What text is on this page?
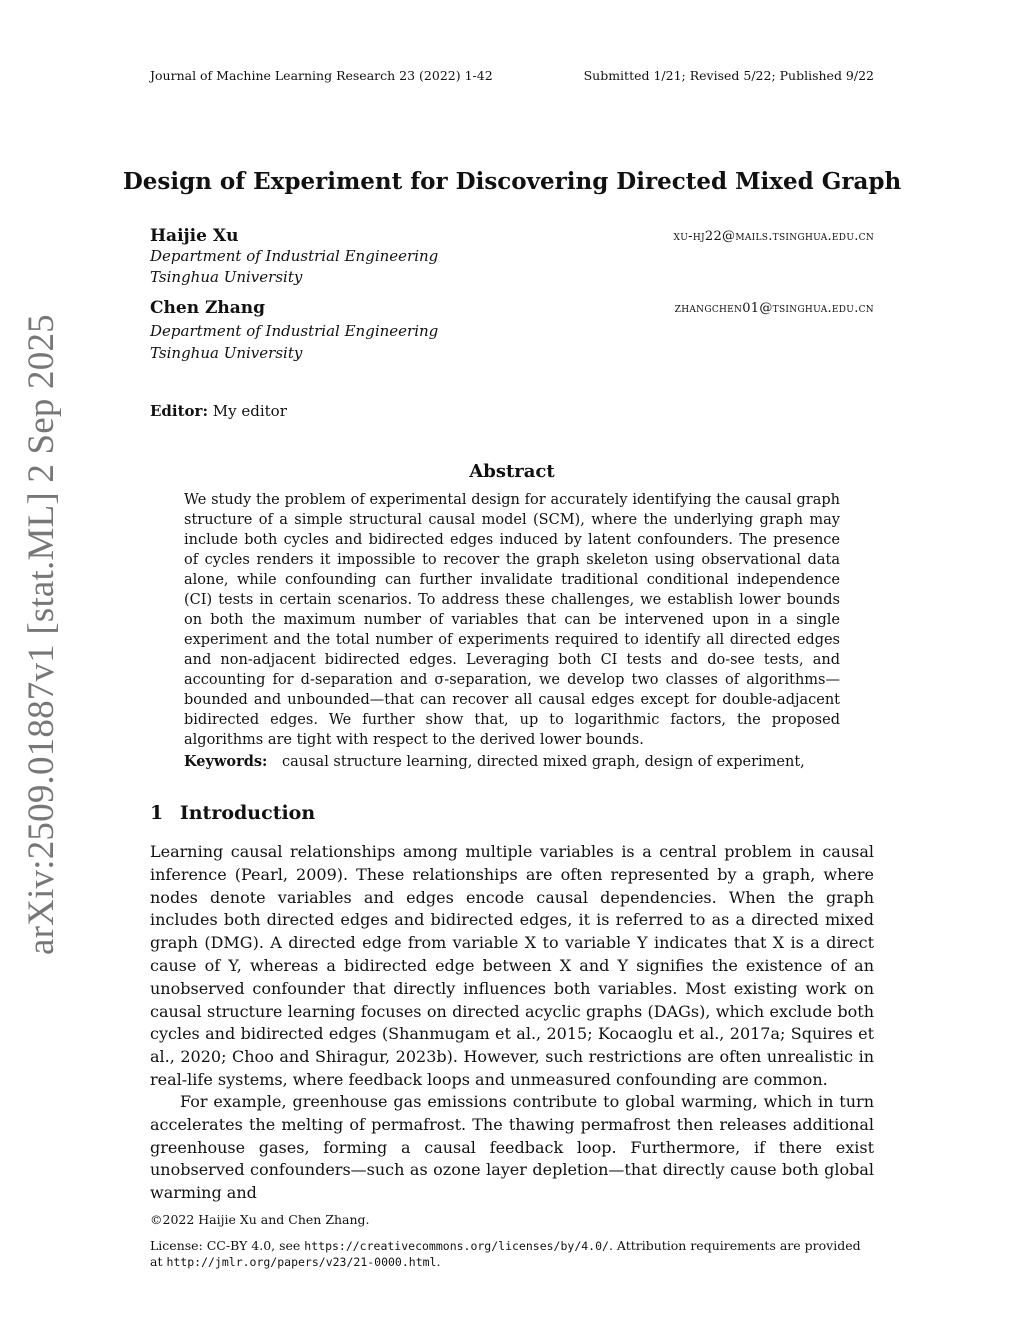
Journal of Machine Learning Research 23 (2022) 1-42	Submitted 1/21; Revised 5/22; Published 9/22
Design of Experiment for Discovering Directed Mixed Graph
Haijie Xu	xu-hj22@mails.tsinghua.edu.cn
Department of Industrial Engineering
Tsinghua University
Chen Zhang	zhangchen01@tsinghua.edu.cn
Department of Industrial Engineering
Tsinghua University
Editor: My editor
Abstract
We study the problem of experimental design for accurately identifying the causal graph structure of a simple structural causal model (SCM), where the underlying graph may include both cycles and bidirected edges induced by latent confounders. The presence of cycles renders it impossible to recover the graph skeleton using observational data alone, while confounding can further invalidate traditional conditional independence (CI) tests in certain scenarios. To address these challenges, we establish lower bounds on both the maximum number of variables that can be intervened upon in a single experiment and the total number of experiments required to identify all directed edges and non-adjacent bidirected edges. Leveraging both CI tests and do-see tests, and accounting for d-separation and σ-separation, we develop two classes of algorithms—bounded and unbounded—that can recover all causal edges except for double-adjacent bidirected edges. We further show that, up to logarithmic factors, the proposed algorithms are tight with respect to the derived lower bounds.
Keywords: causal structure learning, directed mixed graph, design of experiment,
1 Introduction
Learning causal relationships among multiple variables is a central problem in causal inference (Pearl, 2009). These relationships are often represented by a graph, where nodes denote variables and edges encode causal dependencies. When the graph includes both directed edges and bidirected edges, it is referred to as a directed mixed graph (DMG). A directed edge from variable X to variable Y indicates that X is a direct cause of Y, whereas a bidirected edge between X and Y signifies the existence of an unobserved confounder that directly influences both variables. Most existing work on causal structure learning focuses on directed acyclic graphs (DAGs), which exclude both cycles and bidirected edges (Shanmugam et al., 2015; Kocaoglu et al., 2017a; Squires et al., 2020; Choo and Shiragur, 2023b). However, such restrictions are often unrealistic in real-life systems, where feedback loops and unmeasured confounding are common.
For example, greenhouse gas emissions contribute to global warming, which in turn accelerates the melting of permafrost. The thawing permafrost then releases additional greenhouse gases, forming a causal feedback loop. Furthermore, if there exist unobserved confounders—such as ozone layer depletion—that directly cause both global warming and
©2022 Haijie Xu and Chen Zhang.
License: CC-BY 4.0, see https://creativecommons.org/licenses/by/4.0/. Attribution requirements are provided at http://jmlr.org/papers/v23/21-0000.html.
arXiv:2509.01887v1 [stat.ML] 2 Sep 2025
